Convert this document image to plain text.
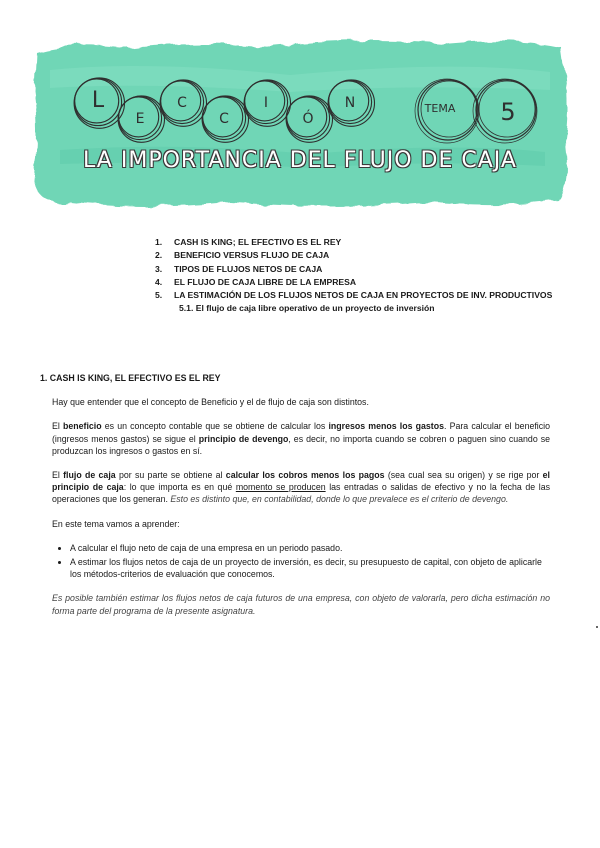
L
E
C
C
I
Ó
N	TEMA 5
LA IMPORTANCIA DEL FLUJO DE CAJA
1. CASH IS KING; EL EFECTIVO ES EL REY
2. BENEFICIO VERSUS FLUJO DE CAJA
3. TIPOS DE FLUJOS NETOS DE CAJA
4. EL FLUJO DE CAJA LIBRE DE LA EMPRESA
5. LA ESTIMACIÓN DE LOS FLUJOS NETOS DE CAJA EN PROYECTOS DE INV. PRODUCTIVOS
5.1. El flujo de caja libre operativo de un proyecto de inversión
1. CASH IS KING, EL EFECTIVO ES EL REY
Hay que entender que el concepto de Beneficio y el de flujo de caja son distintos.
El beneficio es un concepto contable que se obtiene de calcular los ingresos menos los gastos. Para calcular el beneficio (ingresos menos gastos) se sigue el principio de devengo, es decir, no importa cuando se cobren o paguen sino cuando se produzcan los ingresos o gastos en sí.
El flujo de caja por su parte se obtiene al calcular los cobros menos los pagos (sea cual sea su origen) y se rige por el principio de caja: lo que importa es en qué momento se producen las entradas o salidas de efectivo y no la fecha de las operaciones que los generan. Esto es distinto que, en contabilidad, donde lo que prevalece es el criterio de devengo.
En este tema vamos a aprender:
• A calcular el flujo neto de caja de una empresa en un periodo pasado.
• A estimar los flujos netos de caja de un proyecto de inversión, es decir, su presupuesto de capital, con objeto de aplicarle los métodos-criterios de evaluación que conocemos.
Es posible también estimar los flujos netos de caja futuros de una empresa, con objeto de valorarla, pero dicha estimación no forma parte del programa de la presente asignatura.
